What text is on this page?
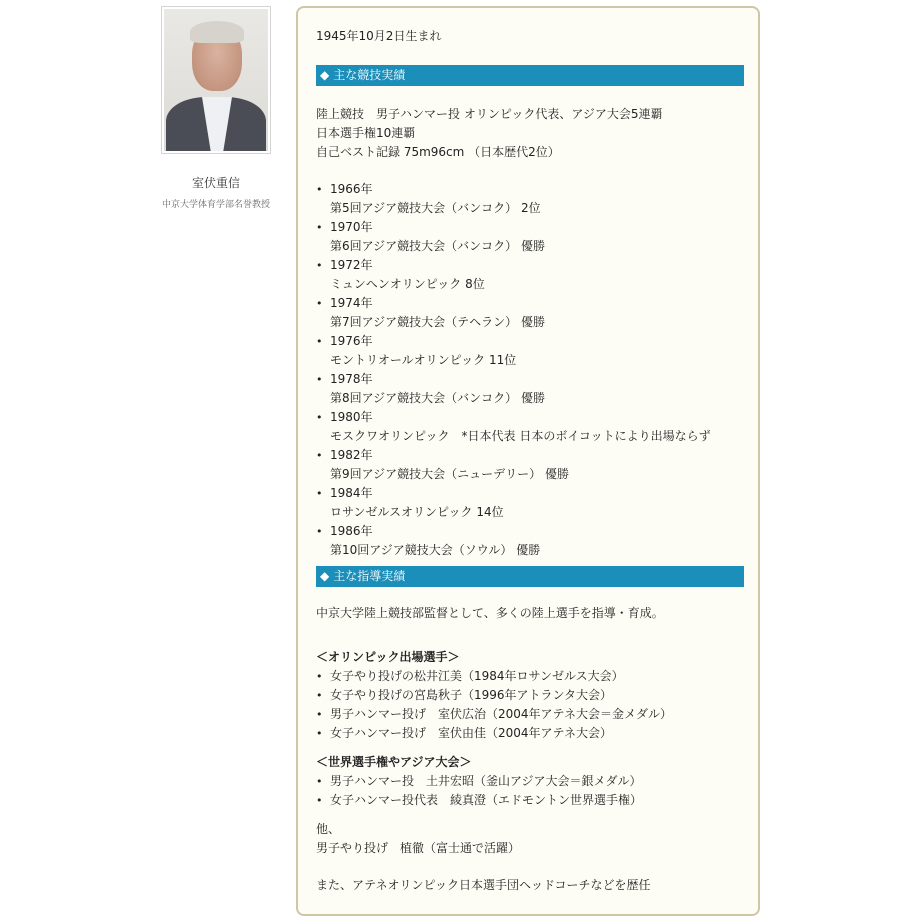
室伏重信
中京大学体育学部名誉教授
1945年10月2日生まれ
◆ 主な競技実績
陸上競技　男子ハンマー投 オリンピック代表、アジア大会5連覇
日本選手権10連覇
自己ベスト記録 75m96cm （日本歴代2位）
• 1966年
第5回アジア競技大会（バンコク） 2位
• 1970年
第6回アジア競技大会（バンコク） 優勝
• 1972年
ミュンヘンオリンピック 8位
• 1974年
第7回アジア競技大会（テヘラン） 優勝
• 1976年
モントリオールオリンピック 11位
• 1978年
第8回アジア競技大会（バンコク） 優勝
• 1980年
モスクワオリンピック　*日本代表 日本のボイコットにより出場ならず
• 1982年
第9回アジア競技大会（ニューデリー） 優勝
• 1984年
ロサンゼルスオリンピック 14位
• 1986年
第10回アジア競技大会（ソウル） 優勝
◆ 主な指導実績
中京大学陸上競技部監督として、多くの陸上選手を指導・育成。
＜オリンピック出場選手＞
• 女子やり投げの松井江美（1984年ロサンゼルス大会）
• 女子やり投げの宮島秋子（1996年アトランタ大会）
• 男子ハンマー投げ　室伏広治（2004年アテネ大会＝金メダル）
• 女子ハンマー投げ　室伏由佳（2004年アテネ大会）
＜世界選手権やアジア大会＞
• 男子ハンマー投　土井宏昭（釜山アジア大会＝銀メダル）
• 女子ハンマー投代表　綾真澄（エドモントン世界選手権）
他、
男子やり投げ　植徹（富士通で活躍）
また、アテネオリンピック日本選手団ヘッドコーチなどを歴任
